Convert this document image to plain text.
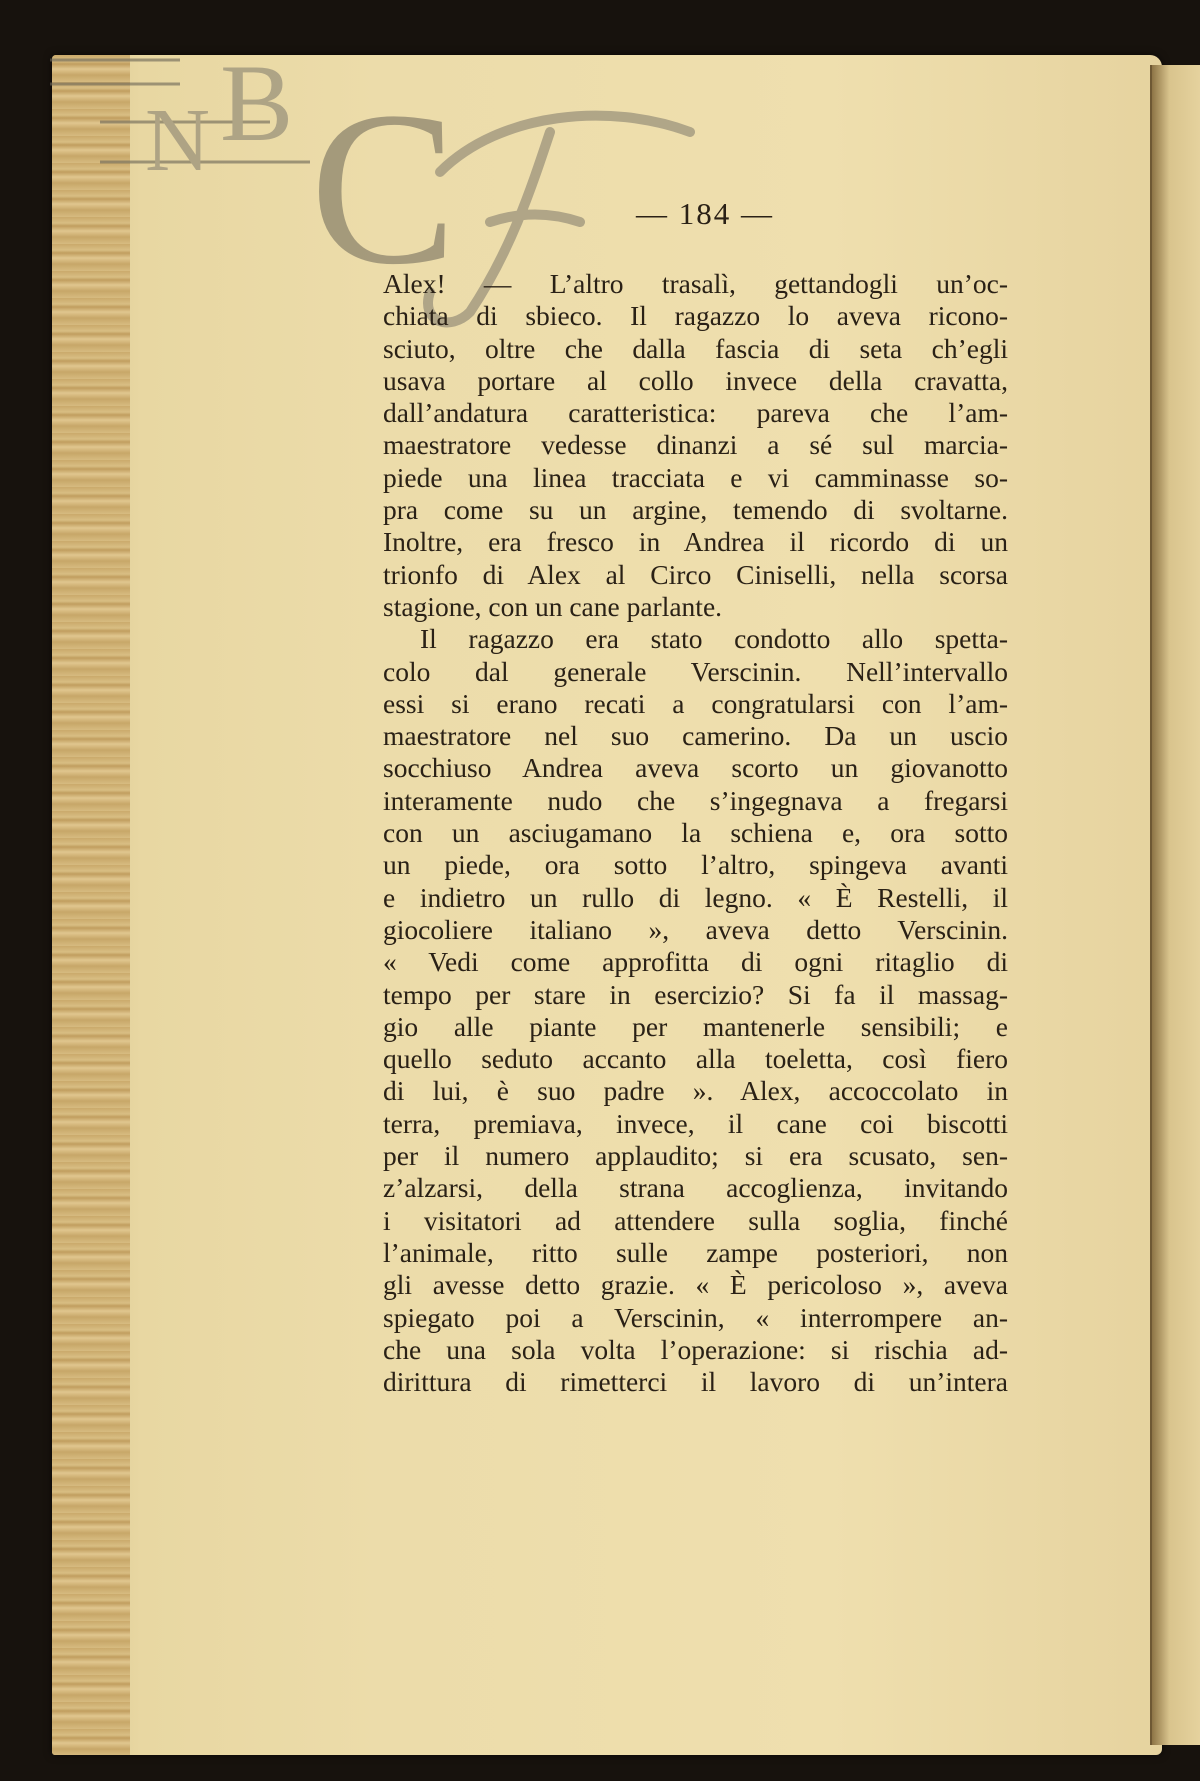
N B C	— 184 —
Alex! — L’altro trasalì, gettandogli un’oc-
chiata di sbieco. Il ragazzo lo aveva ricono-
sciuto, oltre che dalla fascia di seta ch’egli
usava portare al collo invece della cravatta,
dall’andatura caratteristica: pareva che l’am-
maestratore vedesse dinanzi a sé sul marcia-
piede una linea tracciata e vi camminasse so-
pra come su un argine, temendo di svoltarne.
Inoltre, era fresco in Andrea il ricordo di un
trionfo di Alex al Circo Ciniselli, nella scorsa
stagione, con un cane parlante.
Il ragazzo era stato condotto allo spetta-
colo dal generale Verscinin. Nell’intervallo
essi si erano recati a congratularsi con l’am-
maestratore nel suo camerino. Da un uscio
socchiuso Andrea aveva scorto un giovanotto
interamente nudo che s’ingegnava a fregarsi
con un asciugamano la schiena e, ora sotto
un piede, ora sotto l’altro, spingeva avanti
e indietro un rullo di legno. « È Restelli, il
giocoliere italiano », aveva detto Verscinin.
« Vedi come approfitta di ogni ritaglio di
tempo per stare in esercizio? Si fa il massag-
gio alle piante per mantenerle sensibili; e
quello seduto accanto alla toeletta, così fiero
di lui, è suo padre ». Alex, accoccolato in
terra, premiava, invece, il cane coi biscotti
per il numero applaudito; si era scusato, sen-
z’alzarsi, della strana accoglienza, invitando
i visitatori ad attendere sulla soglia, finché
l’animale, ritto sulle zampe posteriori, non
gli avesse detto grazie. « È pericoloso », aveva
spiegato poi a Verscinin, « interrompere an-
che una sola volta l’operazione: si rischia ad-
dirittura di rimetterci il lavoro di un’intera
